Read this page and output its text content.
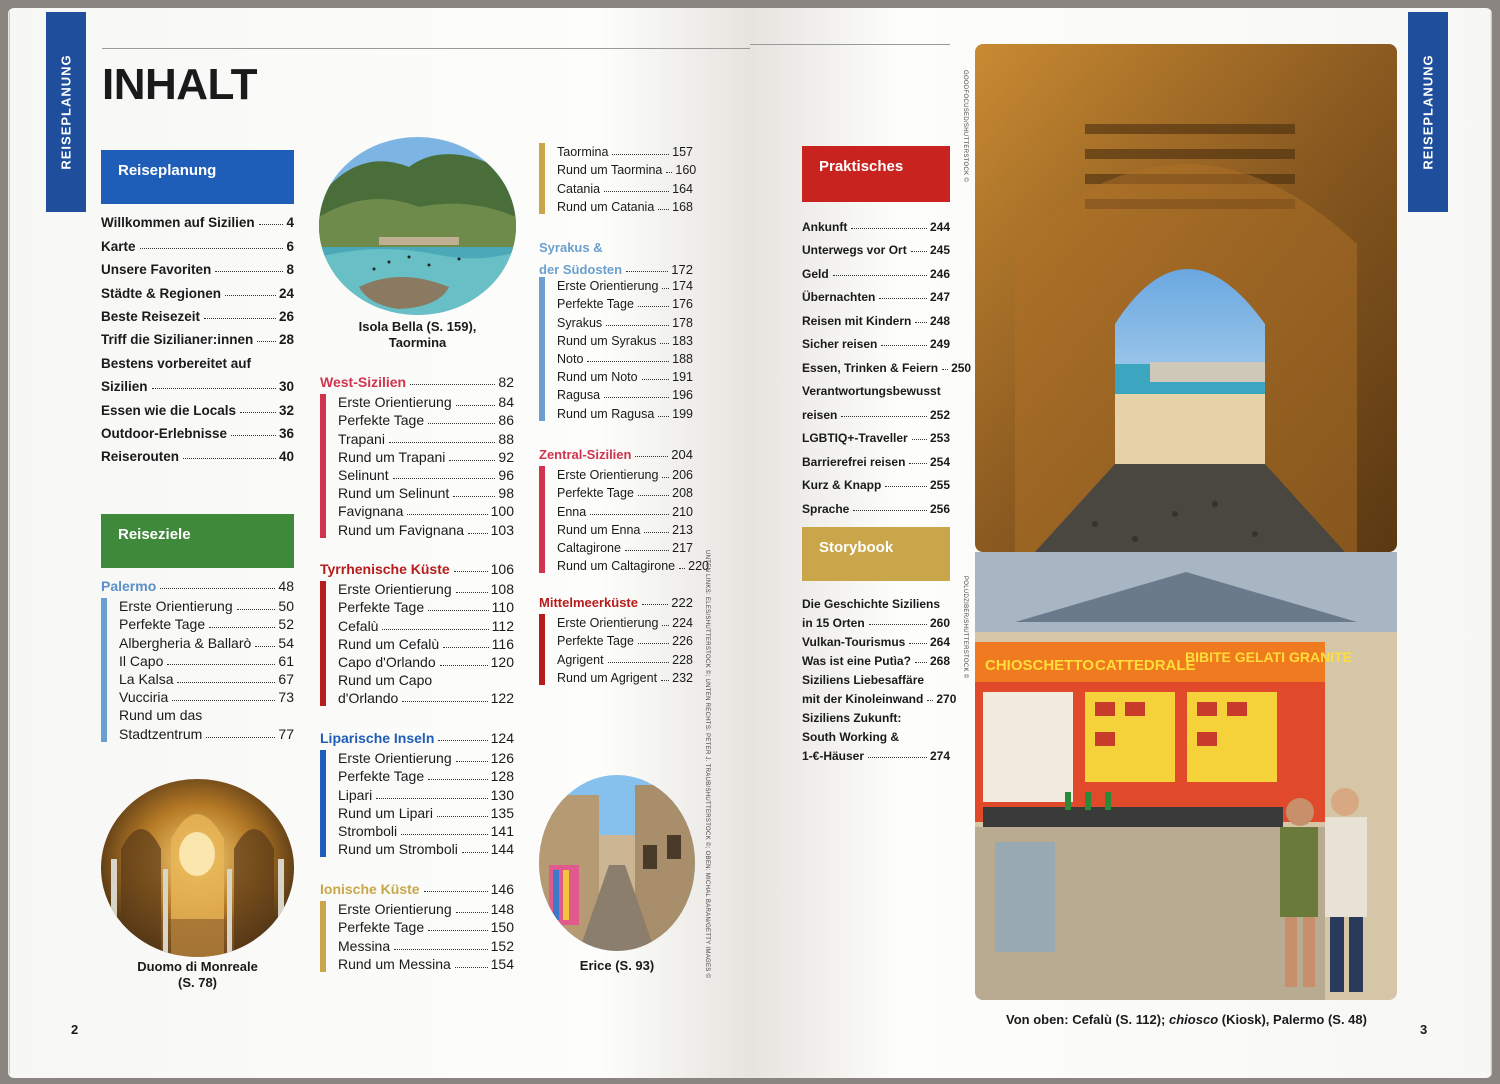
REISEPLANUNG INHALT
Reiseplanung
Willkommen auf Sizilien 4
Karte	6
Unsere Favoriten	8
Städte & Regionen	24
Beste Reisezeit	26
Triff die Sizilianer:innen 28
Bestens vorbereitet auf
Sizilien	30
Essen wie die Locals	32
Outdoor-Erlebnisse	36
Reiserouten	40
Reiseziele
Palermo	48
Erste Orientierung	50
Perfekte Tage	52
Albergheria & Ballarò 54
Il Capo	61
La Kalsa	67
Vucciria	73
Rund um das
Stadtzentrum	77
Duomo di Monreale
(S. 78)
Isola Bella (S. 159),
Taormina
West-Sizilien	82
Erste Orientierung	84
Perfekte Tage	86
Trapani	88
Rund um Trapani	92
Selinunt	96
Rund um Selinunt	98
Favignana	100
Rund um Favignana 103
Tyrrhenische Küste	106
Erste Orientierung	108
Perfekte Tage	110
Cefalù	112
Rund um Cefalù	116
Capo d'Orlando	120
Rund um Capo
d'Orlando	122
Liparische Inseln	124
Erste Orientierung	126
Perfekte Tage	128
Lipari	130
Rund um Lipari	135
Stromboli	141
Rund um Stromboli 144
Ionische Küste	146
Erste Orientierung	148
Perfekte Tage	150
Messina	152
Rund um Messina	154
Taormina	157
Rund um Taormina 160
Catania	164
Rund um Catania 168
Syrakus &
der Südosten	172
Erste Orientierung 174
Perfekte Tage	176
Syrakus	178
Rund um Syrakus 183
Noto	188
Rund um Noto	191
Ragusa	196
Rund um Ragusa 199
Zentral-Sizilien	204
Erste Orientierung 206
Perfekte Tage	208
Enna	210
Rund um Enna	213
Caltagirone	217
Rund um Caltagirone 220
Mittelmeerküste	222
Erste Orientierung 224
Perfekte Tage	226
Agrigent	228
Rund um Agrigent 232
Erice (S. 93)	UNTEN LINKS: ELES/SHUTTERSTOCK ©; UNTEN RECHTS: PETER J. TRAUB/SHUTTERSTOCK ©; OBEN: MICHAL BARAN/GETTY IMAGES ©
2
REISEPLANUNG
Praktisches
Ankunft	244
Unterwegs vor Ort 245
Geld	246
Übernachten	247
Reisen mit Kindern 248
Sicher reisen	249
Essen, Trinken & Feiern 250
Verantwortungsbewusst
reisen	252
LGBTIQ+-Traveller 253
Barrierefrei reisen 254
Kurz & Knapp	255
Sprache	256
Storybook
Die Geschichte Siziliens
in 15 Orten	260
Vulkan-Tourismus 264
Was ist eine Putìa? 268
Siziliens Liebesaffäre
mit der Kinoleinwand 270
Siziliens Zukunft:
South Working &
1-€-Häuser	274
GOODFOCUSED/SHUTTERSTOCK ©
POLUDZIBER/SHUTTERSTOCK © CHIOSCHETTO CATTEDRALE
BIBITE GELATI GRANITE
Von oben: Cefalù (S. 112); chiosco (Kiosk), Palermo (S. 48)
3
